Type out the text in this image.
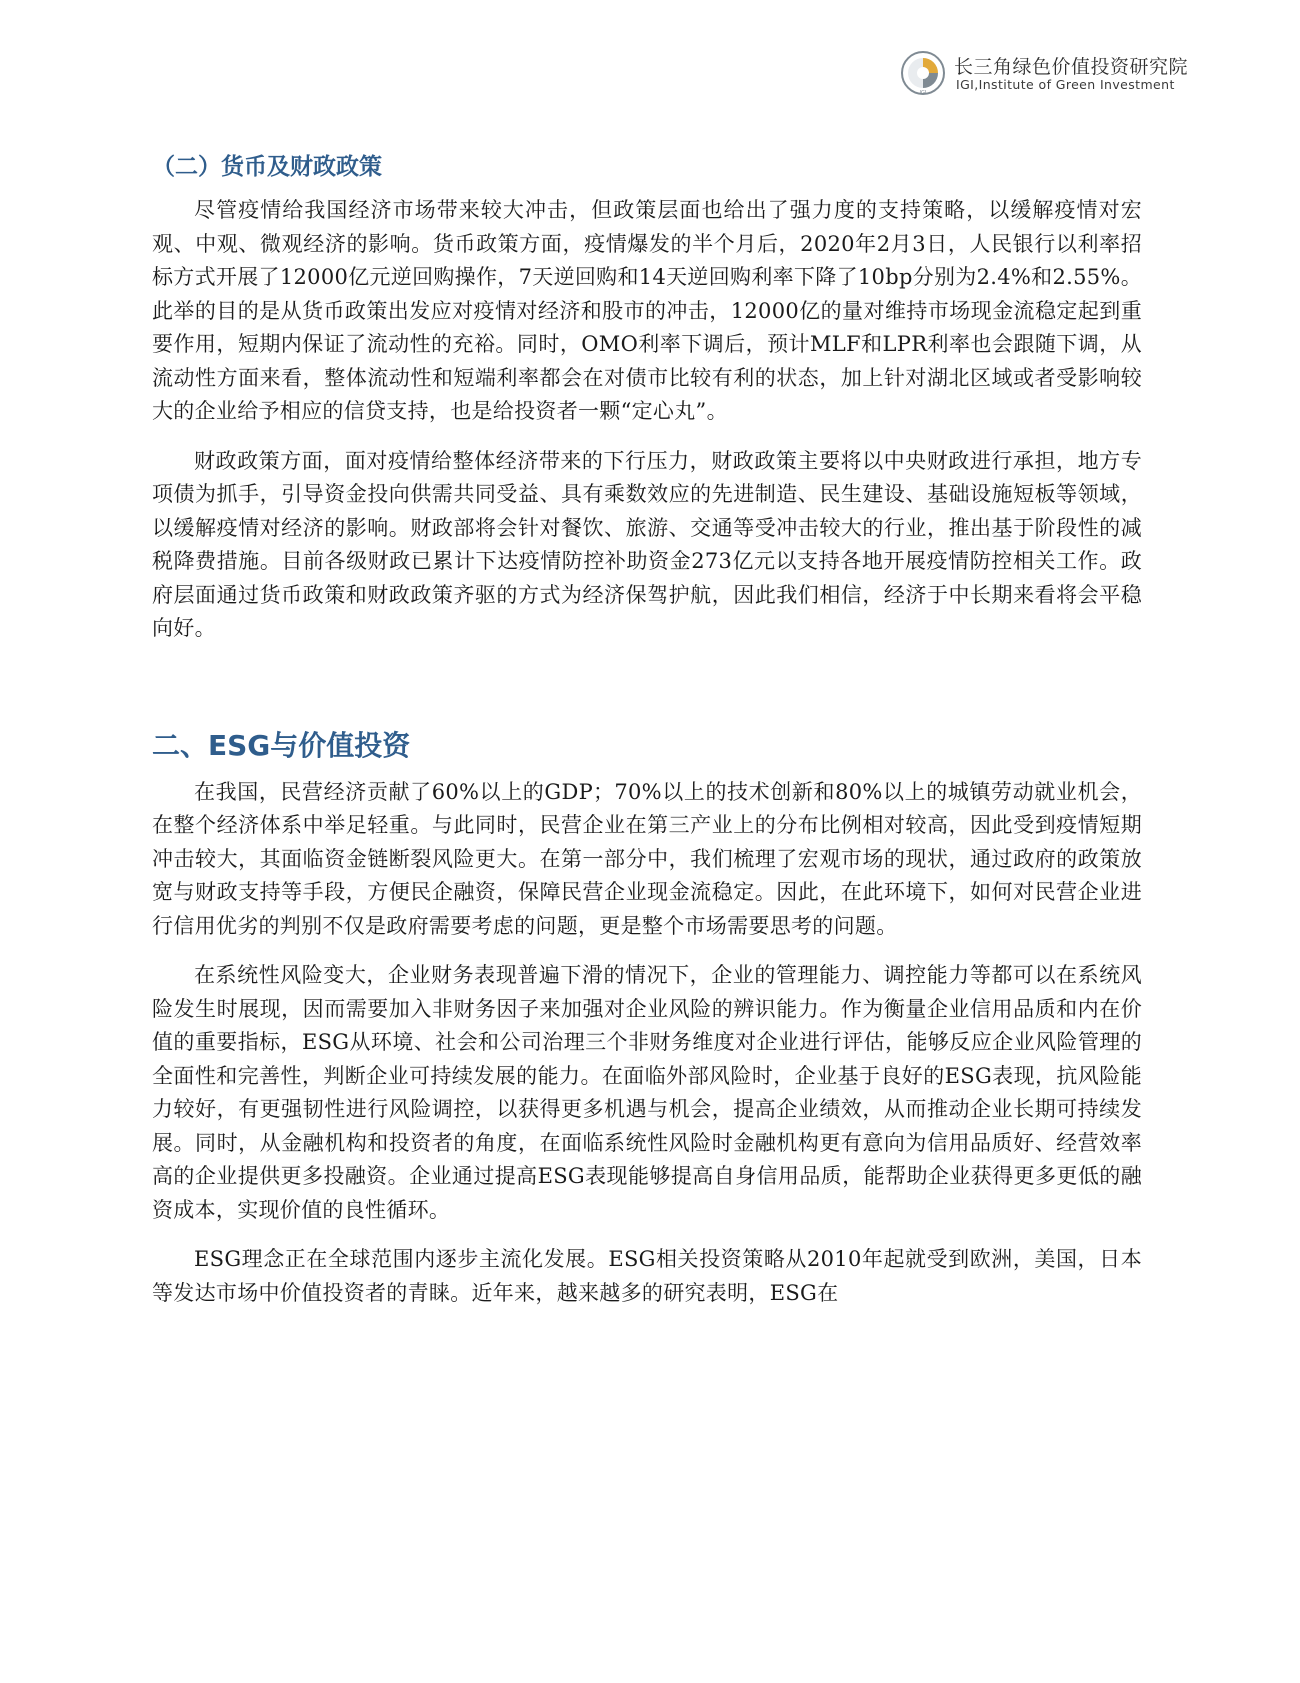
IGI
长三角绿色价值投资研究院
IGI,Institute of Green Investment
（二）货币及财政政策

尽管疫情给我国经济市场带来较大冲击，但政策层面也给出了强力度的支持策略，以缓解疫情对宏观、中观、微观经济的影响。货币政策方面，疫情爆发的半个月后，2020年2月3日，人民银行以利率招标方式开展了12000亿元逆回购操作，7天逆回购和14天逆回购利率下降了10bp分别为2.4%和2.55%。此举的目的是从货币政策出发应对疫情对经济和股市的冲击，12000亿的量对维持市场现金流稳定起到重要作用，短期内保证了流动性的充裕。同时，OMO利率下调后，预计MLF和LPR利率也会跟随下调，从流动性方面来看，整体流动性和短端利率都会在对债市比较有利的状态，加上针对湖北区域或者受影响较大的企业给予相应的信贷支持，也是给投资者一颗“定心丸”。

财政政策方面，面对疫情给整体经济带来的下行压力，财政政策主要将以中央财政进行承担，地方专项债为抓手，引导资金投向供需共同受益、具有乘数效应的先进制造、民生建设、基础设施短板等领域，以缓解疫情对经济的影响。财政部将会针对餐饮、旅游、交通等受冲击较大的行业，推出基于阶段性的减税降费措施。目前各级财政已累计下达疫情防控补助资金273亿元以支持各地开展疫情防控相关工作。政府层面通过货币政策和财政政策齐驱的方式为经济保驾护航，因此我们相信，经济于中长期来看将会平稳向好。

二、ESG与价值投资

在我国，民营经济贡献了60%以上的GDP；70%以上的技术创新和80%以上的城镇劳动就业机会，在整个经济体系中举足轻重。与此同时，民营企业在第三产业上的分布比例相对较高，因此受到疫情短期冲击较大，其面临资金链断裂风险更大。在第一部分中，我们梳理了宏观市场的现状，通过政府的政策放宽与财政支持等手段，方便民企融资，保障民营企业现金流稳定。因此，在此环境下，如何对民营企业进行信用优劣的判别不仅是政府需要考虑的问题，更是整个市场需要思考的问题。

在系统性风险变大，企业财务表现普遍下滑的情况下，企业的管理能力、调控能力等都可以在系统风险发生时展现，因而需要加入非财务因子来加强对企业风险的辨识能力。作为衡量企业信用品质和内在价值的重要指标，ESG从环境、社会和公司治理三个非财务维度对企业进行评估，能够反应企业风险管理的全面性和完善性，判断企业可持续发展的能力。在面临外部风险时，企业基于良好的ESG表现，抗风险能力较好，有更强韧性进行风险调控，以获得更多机遇与机会，提高企业绩效，从而推动企业长期可持续发展。同时，从金融机构和投资者的角度，在面临系统性风险时金融机构更有意向为信用品质好、经营效率高的企业提供更多投融资。企业通过提高ESG表现能够提高自身信用品质，能帮助企业获得更多更低的融资成本，实现价值的良性循环。

ESG理念正在全球范围内逐步主流化发展。ESG相关投资策略从2010年起就受到欧洲，美国，日本等发达市场中价值投资者的青睐。近年来，越来越多的研究表明，ESG在
